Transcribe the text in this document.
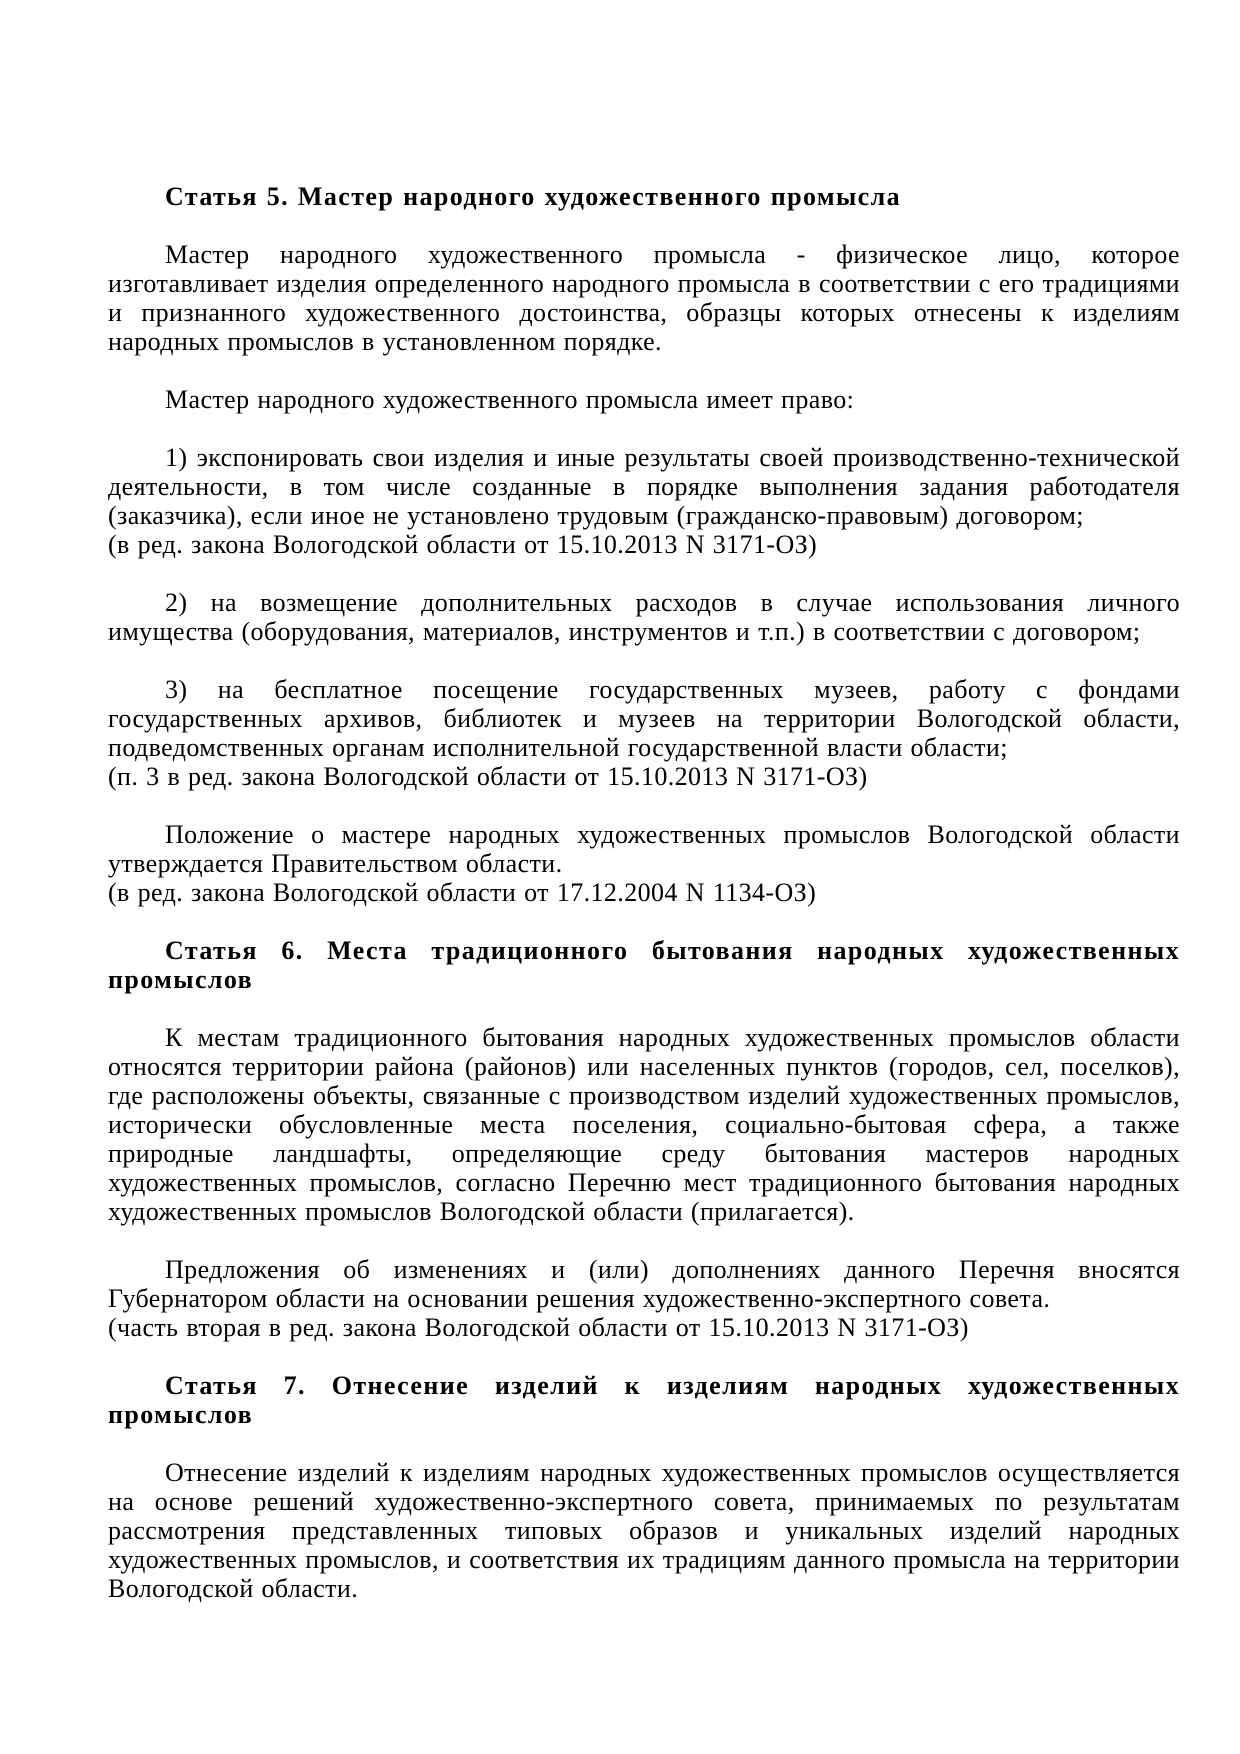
Статья 5. Мастер народного художественного промысла

Мастер народного художественного промысла - физическое лицо, которое изготавливает изделия определенного народного промысла в соответствии с его традициями и признанного художественного достоинства, образцы которых отнесены к изделиям народных промыслов в установленном порядке.

Мастер народного художественного промысла имеет право:

1) экспонировать свои изделия и иные результаты своей производственно-технической деятельности, в том числе созданные в порядке выполнения задания работодателя (заказчика), если иное не установлено трудовым (гражданско-правовым) договором;

(в ред. закона Вологодской области от 15.10.2013 N 3171-ОЗ)

2) на возмещение дополнительных расходов в случае использования личного имущества (оборудования, материалов, инструментов и т.п.) в соответствии с договором;

3) на бесплатное посещение государственных музеев, работу с фондами государственных архивов, библиотек и музеев на территории Вологодской области, подведомственных органам исполнительной государственной власти области;

(п. 3 в ред. закона Вологодской области от 15.10.2013 N 3171-ОЗ)

Положение о мастере народных художественных промыслов Вологодской области утверждается Правительством области.

(в ред. закона Вологодской области от 17.12.2004 N 1134-ОЗ)

Статья 6. Места традиционного бытования народных художественных промыслов

К местам традиционного бытования народных художественных промыслов области относятся территории района (районов) или населенных пунктов (городов, сел, поселков), где расположены объекты, связанные с производством изделий художественных промыслов, исторически обусловленные места поселения, социально-бытовая сфера, а также природные ландшафты, определяющие среду бытования мастеров народных художественных промыслов, согласно Перечню мест традиционного бытования народных художественных промыслов Вологодской области (прилагается).

Предложения об изменениях и (или) дополнениях данного Перечня вносятся Губернатором области на основании решения художественно-экспертного совета.

(часть вторая в ред. закона Вологодской области от 15.10.2013 N 3171-ОЗ)

Статья 7. Отнесение изделий к изделиям народных художественных промыслов

Отнесение изделий к изделиям народных художественных промыслов осуществляется на основе решений художественно-экспертного совета, принимаемых по результатам рассмотрения представленных типовых образов и уникальных изделий народных художественных промыслов, и соответствия их традициям данного промысла на территории Вологодской области.
